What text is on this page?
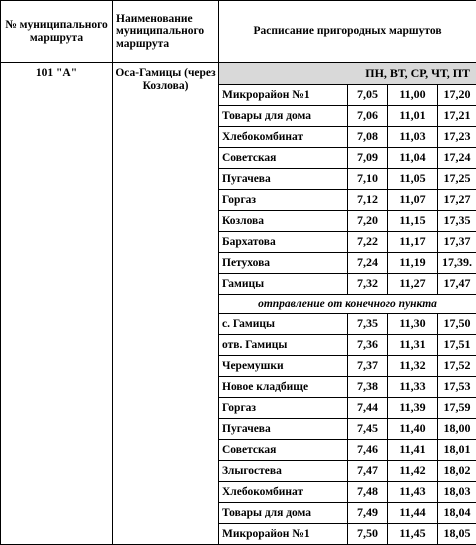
№ муниципального маршрута	Наименование муниципального маршрута	Расписание пригородных маршутов			
101 "А"	Оса-Гамицы (через Козлова)	ПН, ВТ, СР, ЧТ, ПТ			
		Микрорайон №1	7,05	11,00	17,20
		Товары для дома	7,06	11,01	17,21
		Хлебокомбинат	7,08	11,03	17,23
		Советская	7,09	11,04	17,24
		Пугачева	7,10	11,05	17,25
		Горгаз	7,12	11,07	17,27
		Козлова	7,20	11,15	17,35
		Бархатова	7,22	11,17	17,37
		Петухова	7,24	11,19	17,39.
		Гамицы	7,32	11,27	17,47
		отправление от конечного пункта			
		с. Гамицы	7,35	11,30	17,50
		отв. Гамицы	7,36	11,31	17,51
		Черемушки	7,37	11,32	17,52
		Новое кладбище	7,38	11,33	17,53
		Горгаз	7,44	11,39	17,59
		Пугачева	7,45	11,40	18,00
		Советская	7,46	11,41	18,01
		Злыгостева	7,47	11,42	18,02
		Хлебокомбинат	7,48	11,43	18,03
		Товары для дома	7,49	11,44	18,04
		Микрорайон №1	7,50	11,45	18,05
